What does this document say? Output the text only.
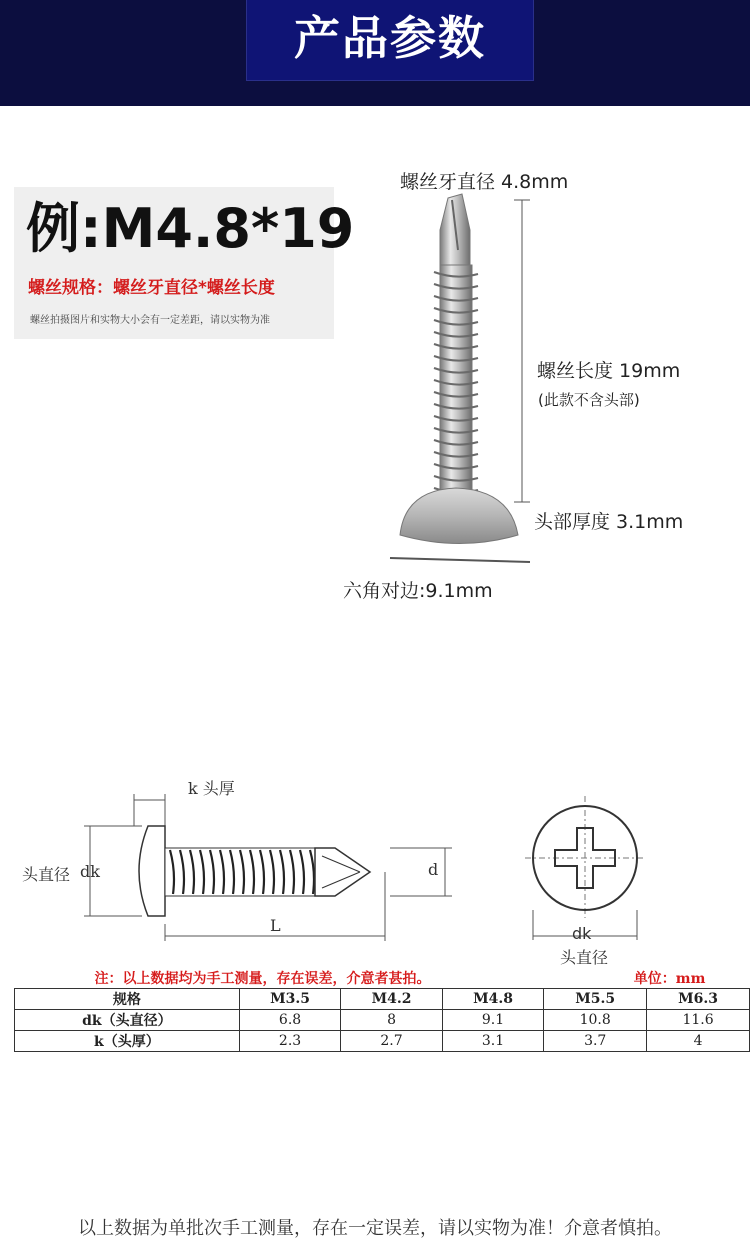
产品参数
例:M4.8*19
螺丝规格：螺丝牙直径*螺丝长度
螺丝拍摄图片和实物大小会有一定差距，请以实物为准
螺丝牙直径 4.8mm
螺丝长度 19mm
(此款不含头部)
头部厚度 3.1mm
六角对边:9.1mm
k 头厚
头直径 dk	d
L	dk
头直径
注：以上数据均为手工测量，存在误差，介意者甚拍。				单位：mm	
规格	M3.5	M4.2	M4.8	M5.5	M6.3
dk（头直径）	6.8	8	9.1	10.8	11.6
k（头厚）	2.3	2.7	3.1	3.7	4
以上数据为单批次手工测量，存在一定误差，请以实物为准！介意者慎拍。
